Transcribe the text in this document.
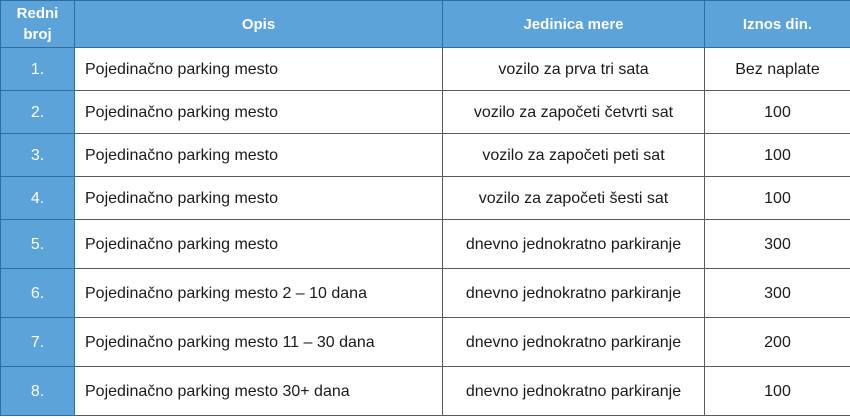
Redni broj	Opis	Jedinica mere	Iznos din.
1.	Pojedinačno parking mesto	vozilo za prva tri sata	Bez naplate
2.	Pojedinačno parking mesto	vozilo za započeti četvrti sat	100
3.	Pojedinačno parking mesto	vozilo za započeti peti sat	100
4.	Pojedinačno parking mesto	vozilo za započeti šesti sat	100
5.	Pojedinačno parking mesto	dnevno jednokratno parkiranje	300
6.	Pojedinačno parking mesto 2 – 10 dana	dnevno jednokratno parkiranje	300
7.	Pojedinačno parking mesto 11 – 30 dana	dnevno jednokratno parkiranje	200
8.	Pojedinačno parking mesto 30+ dana	dnevno jednokratno parkiranje	100
